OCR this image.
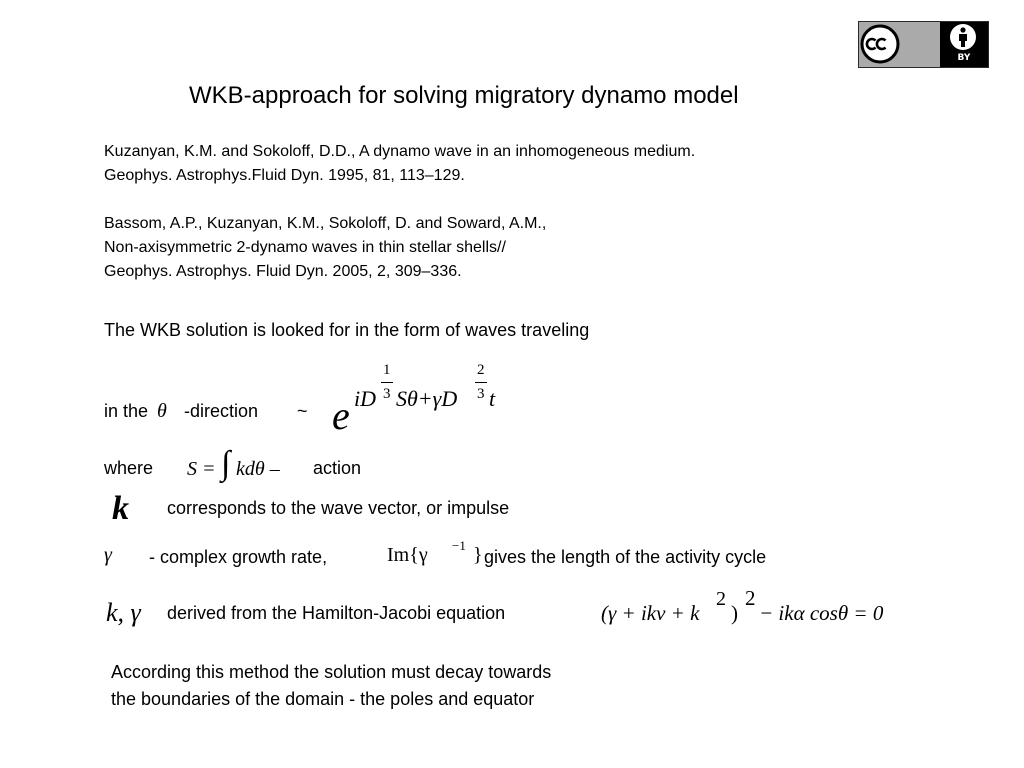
BY
WKB-approach for solving migratory dynamo model
Kuzanyan, K.M. and Sokoloff, D.D., A dynamo wave in an inhomogeneous medium.
Geophys. Astrophys.Fluid Dyn. 1995, 81, 113–129.
Bassom, A.P., Kuzanyan, K.M., Sokoloff, D. and Soward, A.M.,
Non-axisymmetric 2-dynamo waves in thin stellar shells//
Geophys. Astrophys. Fluid Dyn. 2005, 2, 309–336.
The WKB solution is looked for in the form of waves traveling
in the θ -direction ~ e iD
1
3 Sθ+γD
2
3 t
where S = ∫ kdθ – action
k corresponds to the wave vector, or impulse
γ - complex growth rate,	Im{γ −1 } gives the length of the activity cycle
k, γ derived from the Hamilton-Jacobi equation	(γ + ikν + k
2
)
2
− ikα cosθ = 0
According this method the solution must decay towards
the boundaries of the domain - the poles and equator
